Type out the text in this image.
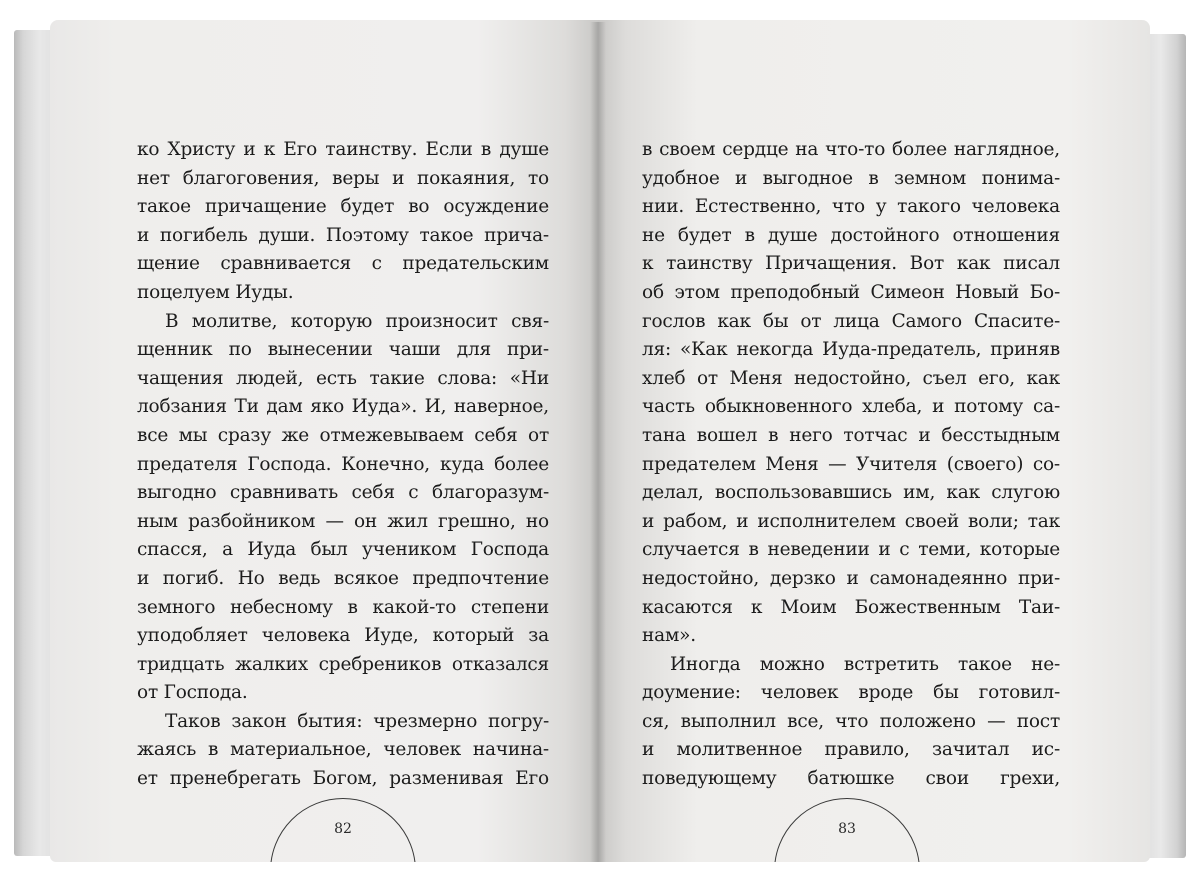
ко Христу и к Его таинству. Если в душе
нет благоговения, веры и покаяния, то
такое причащение будет во осуждение
и погибель души. Поэтому такое прича-
щение сравнивается с предательским
поцелуем Иуды.
В молитве, которую произносит свя-
щенник по вынесении чаши для при-
чащения людей, есть такие слова: «Ни
лобзания Ти дам яко Иуда». И, наверное,
все мы сразу же отмежевываем себя от
предателя Господа. Конечно, куда более
выгодно сравнивать себя с благоразум-
ным разбойником — он жил грешно, но
спасся, а Иуда был учеником Господа
и погиб. Но ведь всякое предпочтение
земного небесному в какой-то степени
уподобляет человека Иуде, который за
тридцать жалких сребреников отказался
от Господа.
Таков закон бытия: чрезмерно погру-
жаясь в материальное, человек начина-
ет пренебрегать Богом, разменивая Его
82
в своем сердце на что-то более наглядное,
удобное и выгодное в земном понима-
нии. Естественно, что у такого человека
не будет в душе достойного отношения
к таинству Причащения. Вот как писал
об этом преподобный Симеон Новый Бо-
гослов как бы от лица Самого Спасите-
ля: «Как некогда Иуда-предатель, приняв
хлеб от Меня недостойно, съел его, как
часть обыкновенного хлеба, и потому са-
тана вошел в него тотчас и бесстыдным
предателем Меня — Учителя (своего) со-
делал, воспользовавшись им, как слугою
и рабом, и исполнителем своей воли; так
случается в неведении и с теми, которые
недостойно, дерзко и самонадеянно при-
касаются к Моим Божественным Таи-
нам».
Иногда можно встретить такое не-
доумение: человек вроде бы готовил-
ся, выполнил все, что положено — пост
и молитвенное правило, зачитал ис-
поведующему батюшке свои грехи,
83
